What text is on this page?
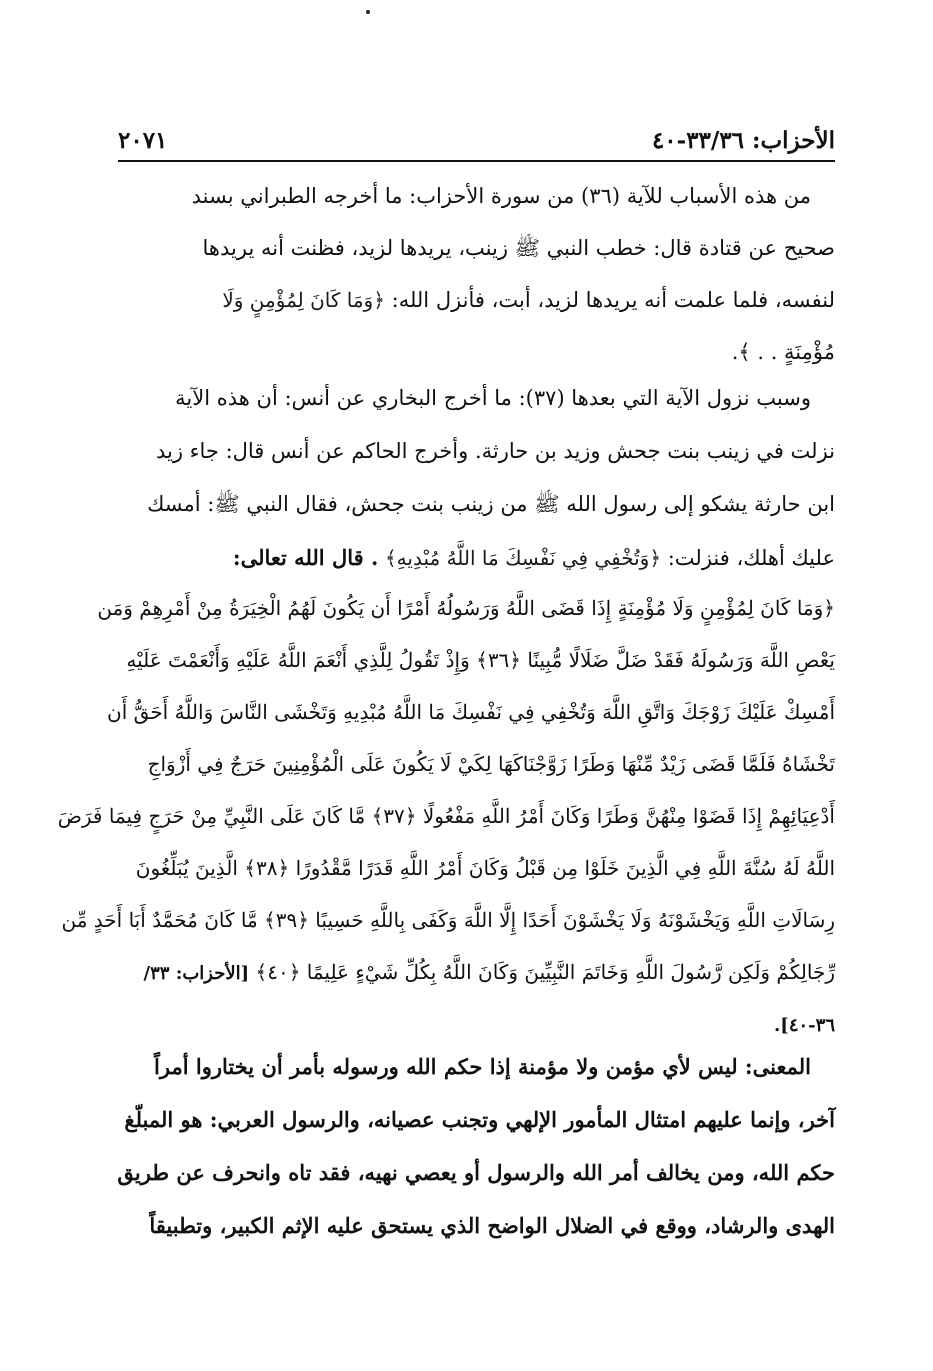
الأحزاب: ٣٣/٣٦-٤٠
٢٠٧١
من هذه الأسباب للآية (٣٦) من سورة الأحزاب: ما أخرجه الطبراني بسند
صحيح عن قتادة قال: خطب النبي ﷺ زينب، يريدها لزيد، فظنت أنه يريدها
لنفسه، فلما علمت أنه يريدها لزيد، أبت، فأنزل الله: ﴿وَمَا كَانَ لِمُؤْمِنٍ وَلَا
مُؤْمِنَةٍ . . ﴾.
وسبب نزول الآية التي بعدها (٣٧): ما أخرج البخاري عن أنس: أن هذه الآية
نزلت في زينب بنت جحش وزيد بن حارثة. وأخرج الحاكم عن أنس قال: جاء زيد
ابن حارثة يشكو إلى رسول الله ﷺ من زينب بنت جحش، فقال النبي ﷺ: أمسك
عليك أهلك، فنزلت: ﴿وَتُخْفِي فِي نَفْسِكَ مَا اللَّهُ مُبْدِيهِ﴾ . قال الله تعالى:
﴿وَمَا كَانَ لِمُؤْمِنٍ وَلَا مُؤْمِنَةٍ إِذَا قَضَى اللَّهُ وَرَسُولُهُ أَمْرًا أَن يَكُونَ لَهُمُ الْخِيَرَةُ مِنْ أَمْرِهِمْ وَمَن
يَعْصِ اللَّهَ وَرَسُولَهُ فَقَدْ ضَلَّ ضَلَالًا مُّبِينًا ﴿٣٦﴾ وَإِذْ تَقُولُ لِلَّذِي أَنْعَمَ اللَّهُ عَلَيْهِ وَأَنْعَمْتَ عَلَيْهِ
أَمْسِكْ عَلَيْكَ زَوْجَكَ وَاتَّقِ اللَّهَ وَتُخْفِي فِي نَفْسِكَ مَا اللَّهُ مُبْدِيهِ وَتَخْشَى النَّاسَ وَاللَّهُ أَحَقُّ أَن
تَخْشَاهُ فَلَمَّا قَضَى زَيْدٌ مِّنْهَا وَطَرًا زَوَّجْنَاكَهَا لِكَيْ لَا يَكُونَ عَلَى الْمُؤْمِنِينَ حَرَجٌ فِي أَزْوَاجِ
أَدْعِيَائِهِمْ إِذَا قَضَوْا مِنْهُنَّ وَطَرًا وَكَانَ أَمْرُ اللَّهِ مَفْعُولًا ﴿٣٧﴾ مَّا كَانَ عَلَى النَّبِيِّ مِنْ حَرَجٍ فِيمَا فَرَضَ
اللَّهُ لَهُ سُنَّةَ اللَّهِ فِي الَّذِينَ خَلَوْا مِن قَبْلُ وَكَانَ أَمْرُ اللَّهِ قَدَرًا مَّقْدُورًا ﴿٣٨﴾ الَّذِينَ يُبَلِّغُونَ
رِسَالَاتِ اللَّهِ وَيَخْشَوْنَهُ وَلَا يَخْشَوْنَ أَحَدًا إِلَّا اللَّهَ وَكَفَى بِاللَّهِ حَسِيبًا ﴿٣٩﴾ مَّا كَانَ مُحَمَّدٌ أَبَا أَحَدٍ مِّن
رِّجَالِكُمْ وَلَكِن رَّسُولَ اللَّهِ وَخَاتَمَ النَّبِيِّينَ وَكَانَ اللَّهُ بِكُلِّ شَيْءٍ عَلِيمًا ﴿٤٠﴾ [الأحزاب: ٣٣/
٣٦-٤٠].
المعنى: ليس لأي مؤمن ولا مؤمنة إذا حكم الله ورسوله بأمر أن يختاروا أمراً
آخر، وإنما عليهم امتثال المأمور الإلهي وتجنب عصيانه، والرسول العربي: هو المبلّغ
حكم الله، ومن يخالف أمر الله والرسول أو يعصي نهيه، فقد تاه وانحرف عن طريق
الهدى والرشاد، ووقع في الضلال الواضح الذي يستحق عليه الإثم الكبير، وتطبيقاً
